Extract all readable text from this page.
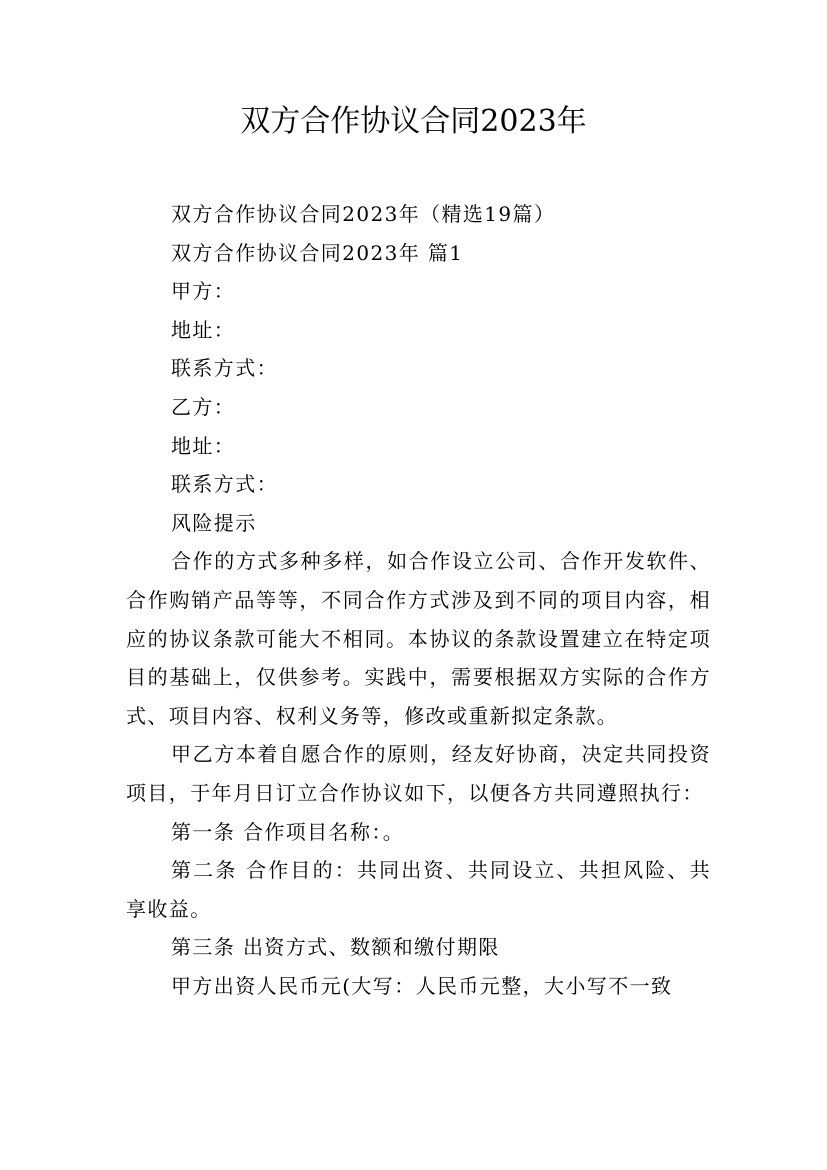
双方合作协议合同2023年

双方合作协议合同2023年（精选19篇）

双方合作协议合同2023年 篇1

甲方：

地址：

联系方式：

乙方：

地址：

联系方式：

风险提示

合作的方式多种多样，如合作设立公司、合作开发软件、合作购销产品等等，不同合作方式涉及到不同的项目内容，相应的协议条款可能大不相同。本协议的条款设置建立在特定项目的基础上，仅供参考。实践中，需要根据双方实际的合作方式、项目内容、权利义务等，修改或重新拟定条款。

甲乙方本着自愿合作的原则，经友好协商，决定共同投资项目，于年月日订立合作协议如下，以便各方共同遵照执行：

第一条 合作项目名称：。

第二条 合作目的：共同出资、共同设立、共担风险、共享收益。

第三条 出资方式、数额和缴付期限

甲方出资人民币元(大写：人民币元整，大小写不一致
